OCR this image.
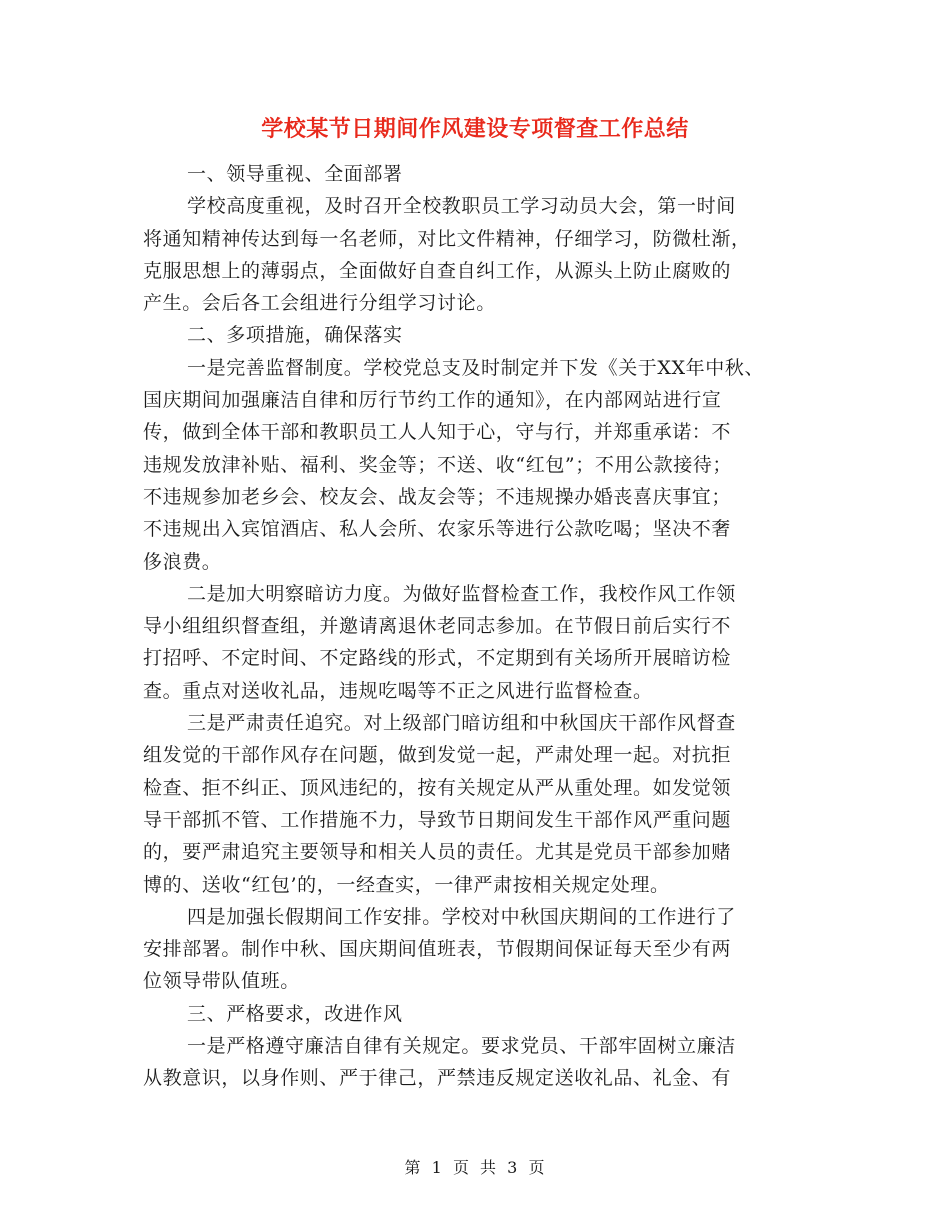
学校某节日期间作风建设专项督查工作总结
一、领导重视、全面部署
学校高度重视，及时召开全校教职员工学习动员大会，第一时间
将通知精神传达到每一名老师，对比文件精神，仔细学习，防微杜渐，
克服思想上的薄弱点，全面做好自查自纠工作，从源头上防止腐败的
产生。会后各工会组进行分组学习讨论。
二、多项措施，确保落实
一是完善监督制度。学校党总支及时制定并下发《关于XX年中秋、
国庆期间加强廉洁自律和厉行节约工作的通知》，在内部网站进行宣
传，做到全体干部和教职员工人人知于心，守与行，并郑重承诺：不
违规发放津补贴、福利、奖金等；不送、收“红包”；不用公款接待；
不违规参加老乡会、校友会、战友会等；不违规操办婚丧喜庆事宜；
不违规出入宾馆酒店、私人会所、农家乐等进行公款吃喝；坚决不奢
侈浪费。
二是加大明察暗访力度。为做好监督检查工作，我校作风工作领
导小组组织督查组，并邀请离退休老同志参加。在节假日前后实行不
打招呼、不定时间、不定路线的形式，不定期到有关场所开展暗访检
查。重点对送收礼品，违规吃喝等不正之风进行监督检查。
三是严肃责任追究。对上级部门暗访组和中秋国庆干部作风督查
组发觉的干部作风存在问题，做到发觉一起，严肃处理一起。对抗拒
检查、拒不纠正、顶风违纪的，按有关规定从严从重处理。如发觉领
导干部抓不管、工作措施不力，导致节日期间发生干部作风严重问题
的，要严肃追究主要领导和相关人员的责任。尤其是党员干部参加赌
博的、送收“红包’的，一经查实，一律严肃按相关规定处理。
四是加强长假期间工作安排。学校对中秋国庆期间的工作进行了
安排部署。制作中秋、国庆期间值班表，节假期间保证每天至少有两
位领导带队值班。
三、严格要求，改进作风
一是严格遵守廉洁自律有关规定。要求党员、干部牢固树立廉洁
从教意识，以身作则、严于律己，严禁违反规定送收礼品、礼金、有
第 1 页 共 3 页
